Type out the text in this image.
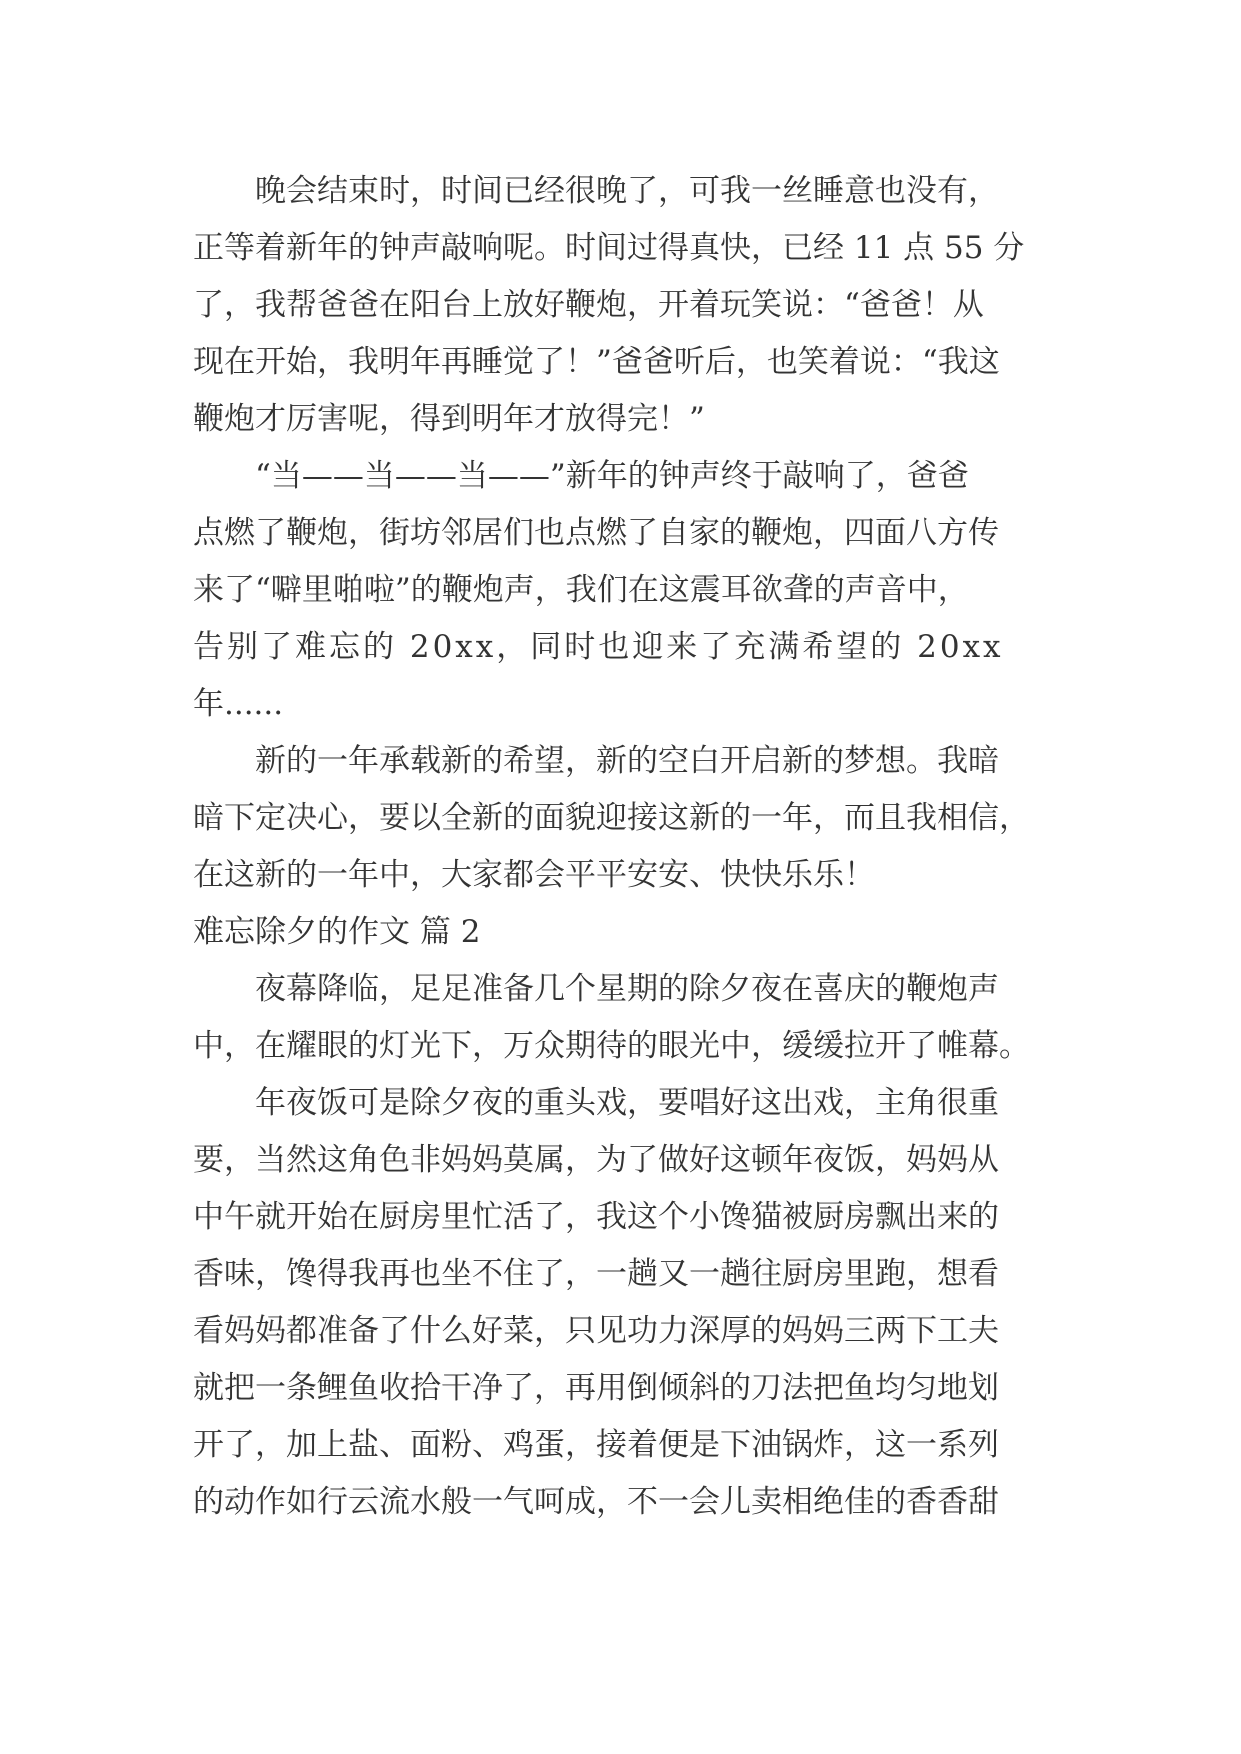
晚会结束时，时间已经很晚了，可我一丝睡意也没有，
正等着新年的钟声敲响呢。时间过得真快，已经 11 点 55 分
了，我帮爸爸在阳台上放好鞭炮，开着玩笑说：“爸爸！从
现在开始，我明年再睡觉了！”爸爸听后，也笑着说：“我这
鞭炮才厉害呢，得到明年才放得完！”
“当——当——当——”新年的钟声终于敲响了，爸爸
点燃了鞭炮，街坊邻居们也点燃了自家的鞭炮，四面八方传
来了“噼里啪啦”的鞭炮声，我们在这震耳欲聋的声音中，
告别了难忘的 20xx，同时也迎来了充满希望的 20xx
年......
新的一年承载新的希望，新的空白开启新的梦想。我暗
暗下定决心，要以全新的面貌迎接这新的一年，而且我相信，
在这新的一年中，大家都会平平安安、快快乐乐！
难忘除夕的作文 篇 2
夜幕降临，足足准备几个星期的除夕夜在喜庆的鞭炮声
中，在耀眼的灯光下，万众期待的眼光中，缓缓拉开了帷幕。
年夜饭可是除夕夜的重头戏，要唱好这出戏，主角很重
要，当然这角色非妈妈莫属，为了做好这顿年夜饭，妈妈从
中午就开始在厨房里忙活了，我这个小馋猫被厨房飘出来的
香味，馋得我再也坐不住了，一趟又一趟往厨房里跑，想看
看妈妈都准备了什么好菜，只见功力深厚的妈妈三两下工夫
就把一条鲤鱼收拾干净了，再用倒倾斜的刀法把鱼均匀地划
开了，加上盐、面粉、鸡蛋，接着便是下油锅炸，这一系列
的动作如行云流水般一气呵成，不一会儿卖相绝佳的香香甜
